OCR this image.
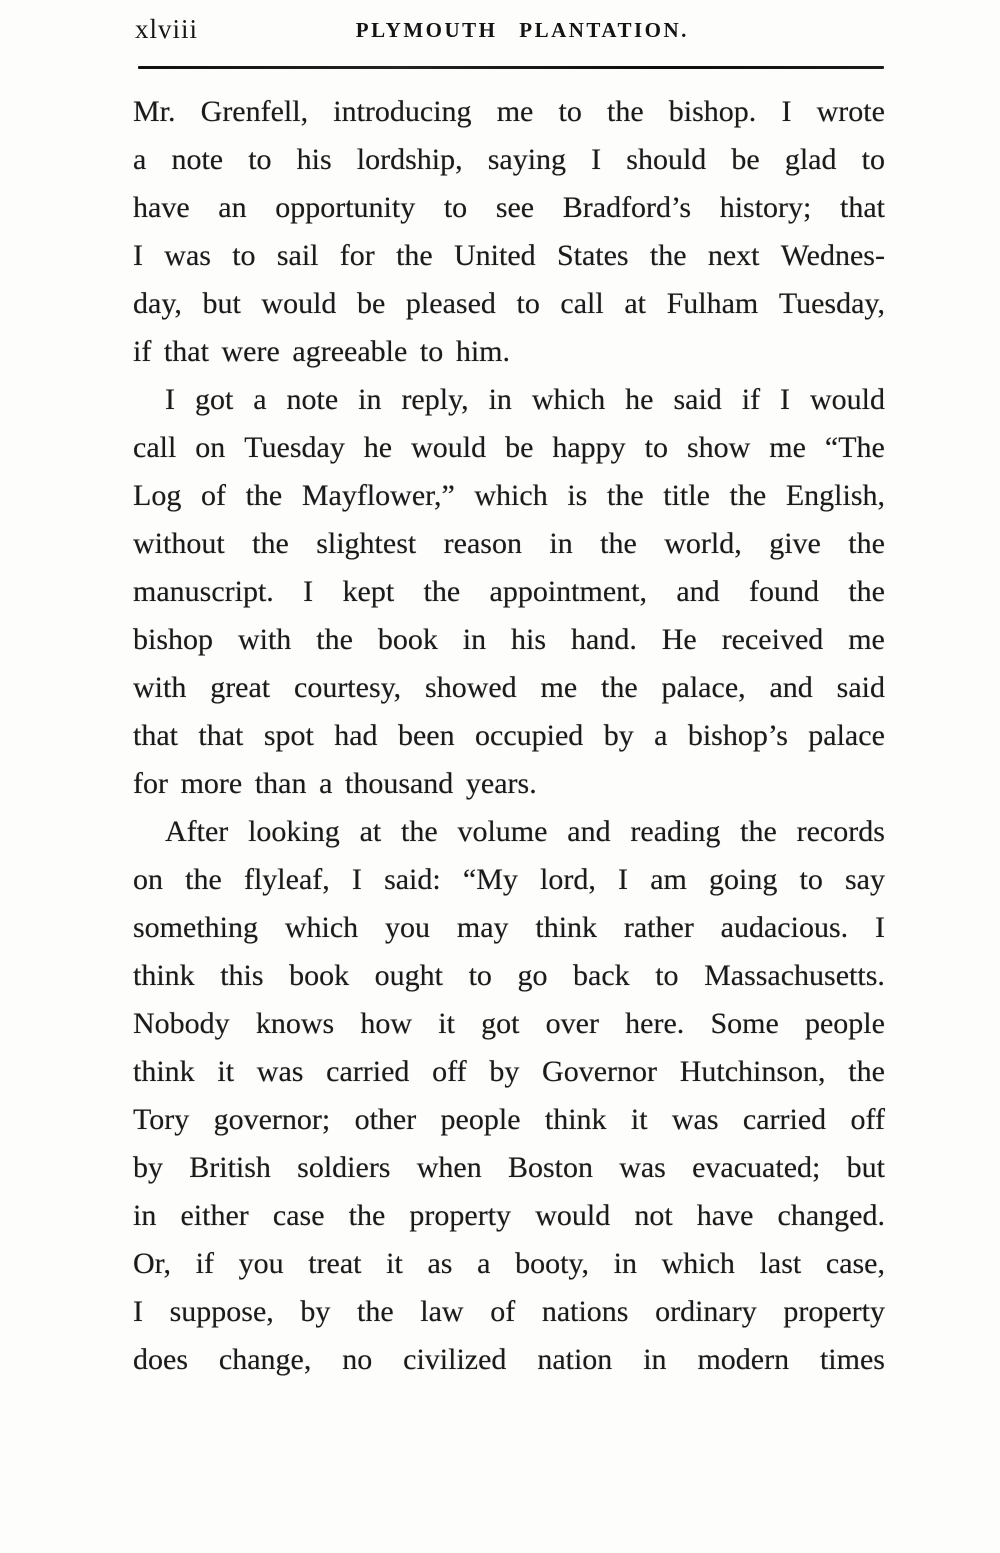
xlviii	PLYMOUTH PLANTATION.
Mr. Grenfell, introducing me to the bishop. I wrote
a note to his lordship, saying I should be glad to
have an opportunity to see Bradford’s history; that
I was to sail for the United States the next Wednes-
day, but would be pleased to call at Fulham Tuesday,
if that were agreeable to him.
I got a note in reply, in which he said if I would
call on Tuesday he would be happy to show me “The
Log of the Mayflower,” which is the title the English,
without the slightest reason in the world, give the
manuscript. I kept the appointment, and found the
bishop with the book in his hand. He received me
with great courtesy, showed me the palace, and said
that that spot had been occupied by a bishop’s palace
for more than a thousand years.
After looking at the volume and reading the records
on the flyleaf, I said: “My lord, I am going to say
something which you may think rather audacious. I
think this book ought to go back to Massachusetts.
Nobody knows how it got over here. Some people
think it was carried off by Governor Hutchinson, the
Tory governor; other people think it was carried off
by British soldiers when Boston was evacuated; but
in either case the property would not have changed.
Or, if you treat it as a booty, in which last case,
I suppose, by the law of nations ordinary property
does change, no civilized nation in modern times
